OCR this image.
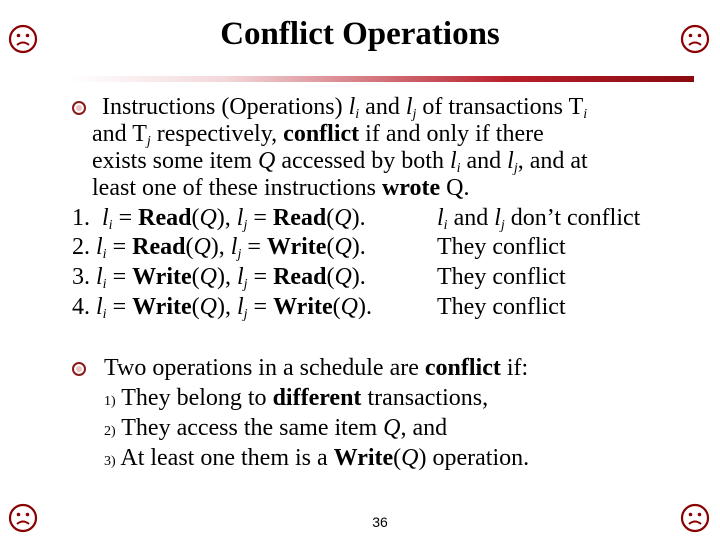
Conflict Operations
Instructions (Operations) $l_i$ and $l_j$ of transactions $T_i$
and $T_j$ respectively, conflict if and only if there
exists some item Q accessed by both $l_i$ and $l_j$, and at
least one of these instructions wrote Q.
1. $l_i$ = Read(Q), $l_j$ = Read(Q).	$l_i$ and $l_j$ don’t conflict
2. $l_i$ = Read(Q), $l_j$ = Write(Q).	They conflict
3. $l_i$ = Write(Q), $l_j$ = Read(Q).	They conflict
4. $l_i$ = Write(Q), $l_j$ = Write(Q).	They conflict
Two operations in a schedule are conflict if:
1) They belong to different transactions,
2) They access the same item Q, and
3) At least one them is a Write(Q) operation.
36
